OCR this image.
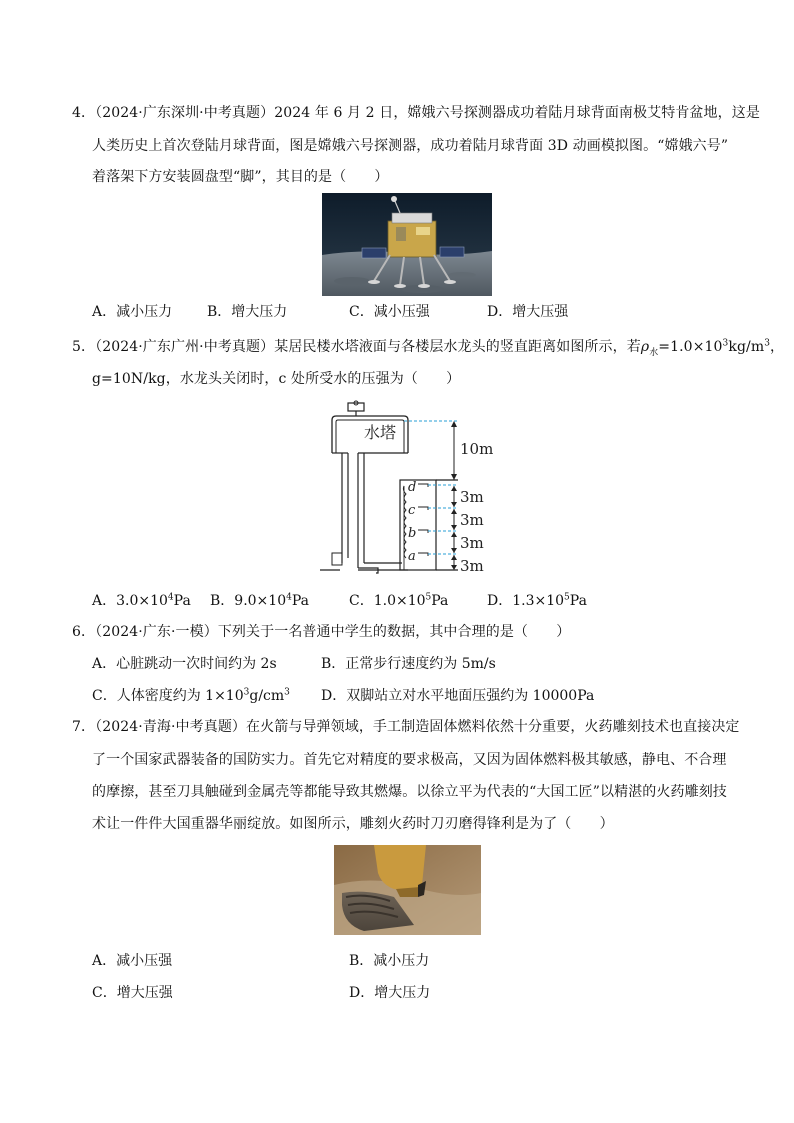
4．（2024·广东深圳·中考真题）2024 年 6 月 2 日，嫦娥六号探测器成功着陆月球背面南极艾特肯盆地，这是
人类历史上首次登陆月球背面，图是嫦娥六号探测器，成功着陆月球背面 3D 动画模拟图。“嫦娥六号”
着落架下方安装圆盘型“脚”，其目的是（　　）
A．减小压力 B．增大压力	C．减小压强	D．增大压强
5．（2024·广东广州·中考真题）某居民楼水塔液面与各楼层水龙头的竖直距离如图所示，若$\rho_水=1.0\times 10^3kg/m^3$，
g=10N/kg，水龙头关闭时，c 处所受水的压强为（　　）
水塔
d
c
b
a
10m
3m
3m
3m
3m
A．$3.0\times 10^4Pa$ B．$9.0\times 10^4Pa$	C．$1.0\times 10^5Pa$	D．$1.3\times 10^5Pa$
6．（2024·广东·一模）下列关于一名普通中学生的数据，其中合理的是（　　）
A．心脏跳动一次时间约为 2s	B．正常步行速度约为 5m/s
C．人体密度约为 $1\times 10^3g/cm^3$ D．双脚站立对水平地面压强约为 10000Pa
7．（2024·青海·中考真题）在火箭与导弹领域，手工制造固体燃料依然十分重要，火药雕刻技术也直接决定
了一个国家武器装备的国防实力。首先它对精度的要求极高，又因为固体燃料极其敏感，静电、不合理
的摩擦，甚至刀具触碰到金属壳等都能导致其燃爆。以徐立平为代表的“大国工匠”以精湛的火药雕刻技
术让一件件大国重器华丽绽放。如图所示，雕刻火药时刀刃磨得锋利是为了（　　）
A．减小压强	B．减小压力
C．增大压强	D．增大压力
